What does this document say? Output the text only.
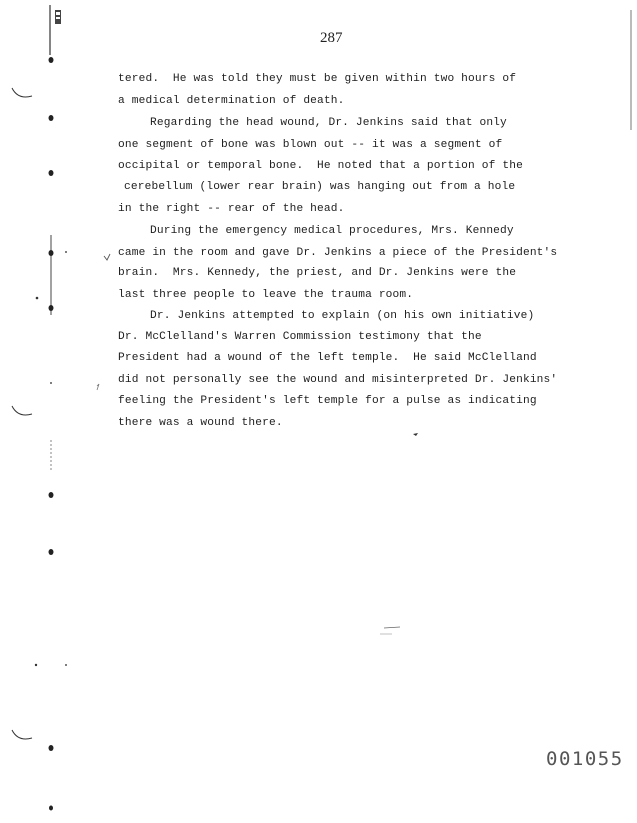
287
tered.  He was told they must be given within two hours of
a medical determination of death.
Regarding the head wound, Dr. Jenkins said that only
one segment of bone was blown out -- it was a segment of
occipital or temporal bone.  He noted that a portion of the
cerebellum (lower rear brain) was hanging out from a hole
in the right -- rear of the head.
During the emergency medical procedures, Mrs. Kennedy
came in the room and gave Dr. Jenkins a piece of the President's
brain.  Mrs. Kennedy, the priest, and Dr. Jenkins were the
last three people to leave the trauma room.
Dr. Jenkins attempted to explain (on his own initiative)
Dr. McClelland's Warren Commission testimony that the
President had a wound of the left temple.  He said McClelland
did not personally see the wound and misinterpreted Dr. Jenkins'
feeling the President's left temple for a pulse as indicating
there was a wound there.
001055
